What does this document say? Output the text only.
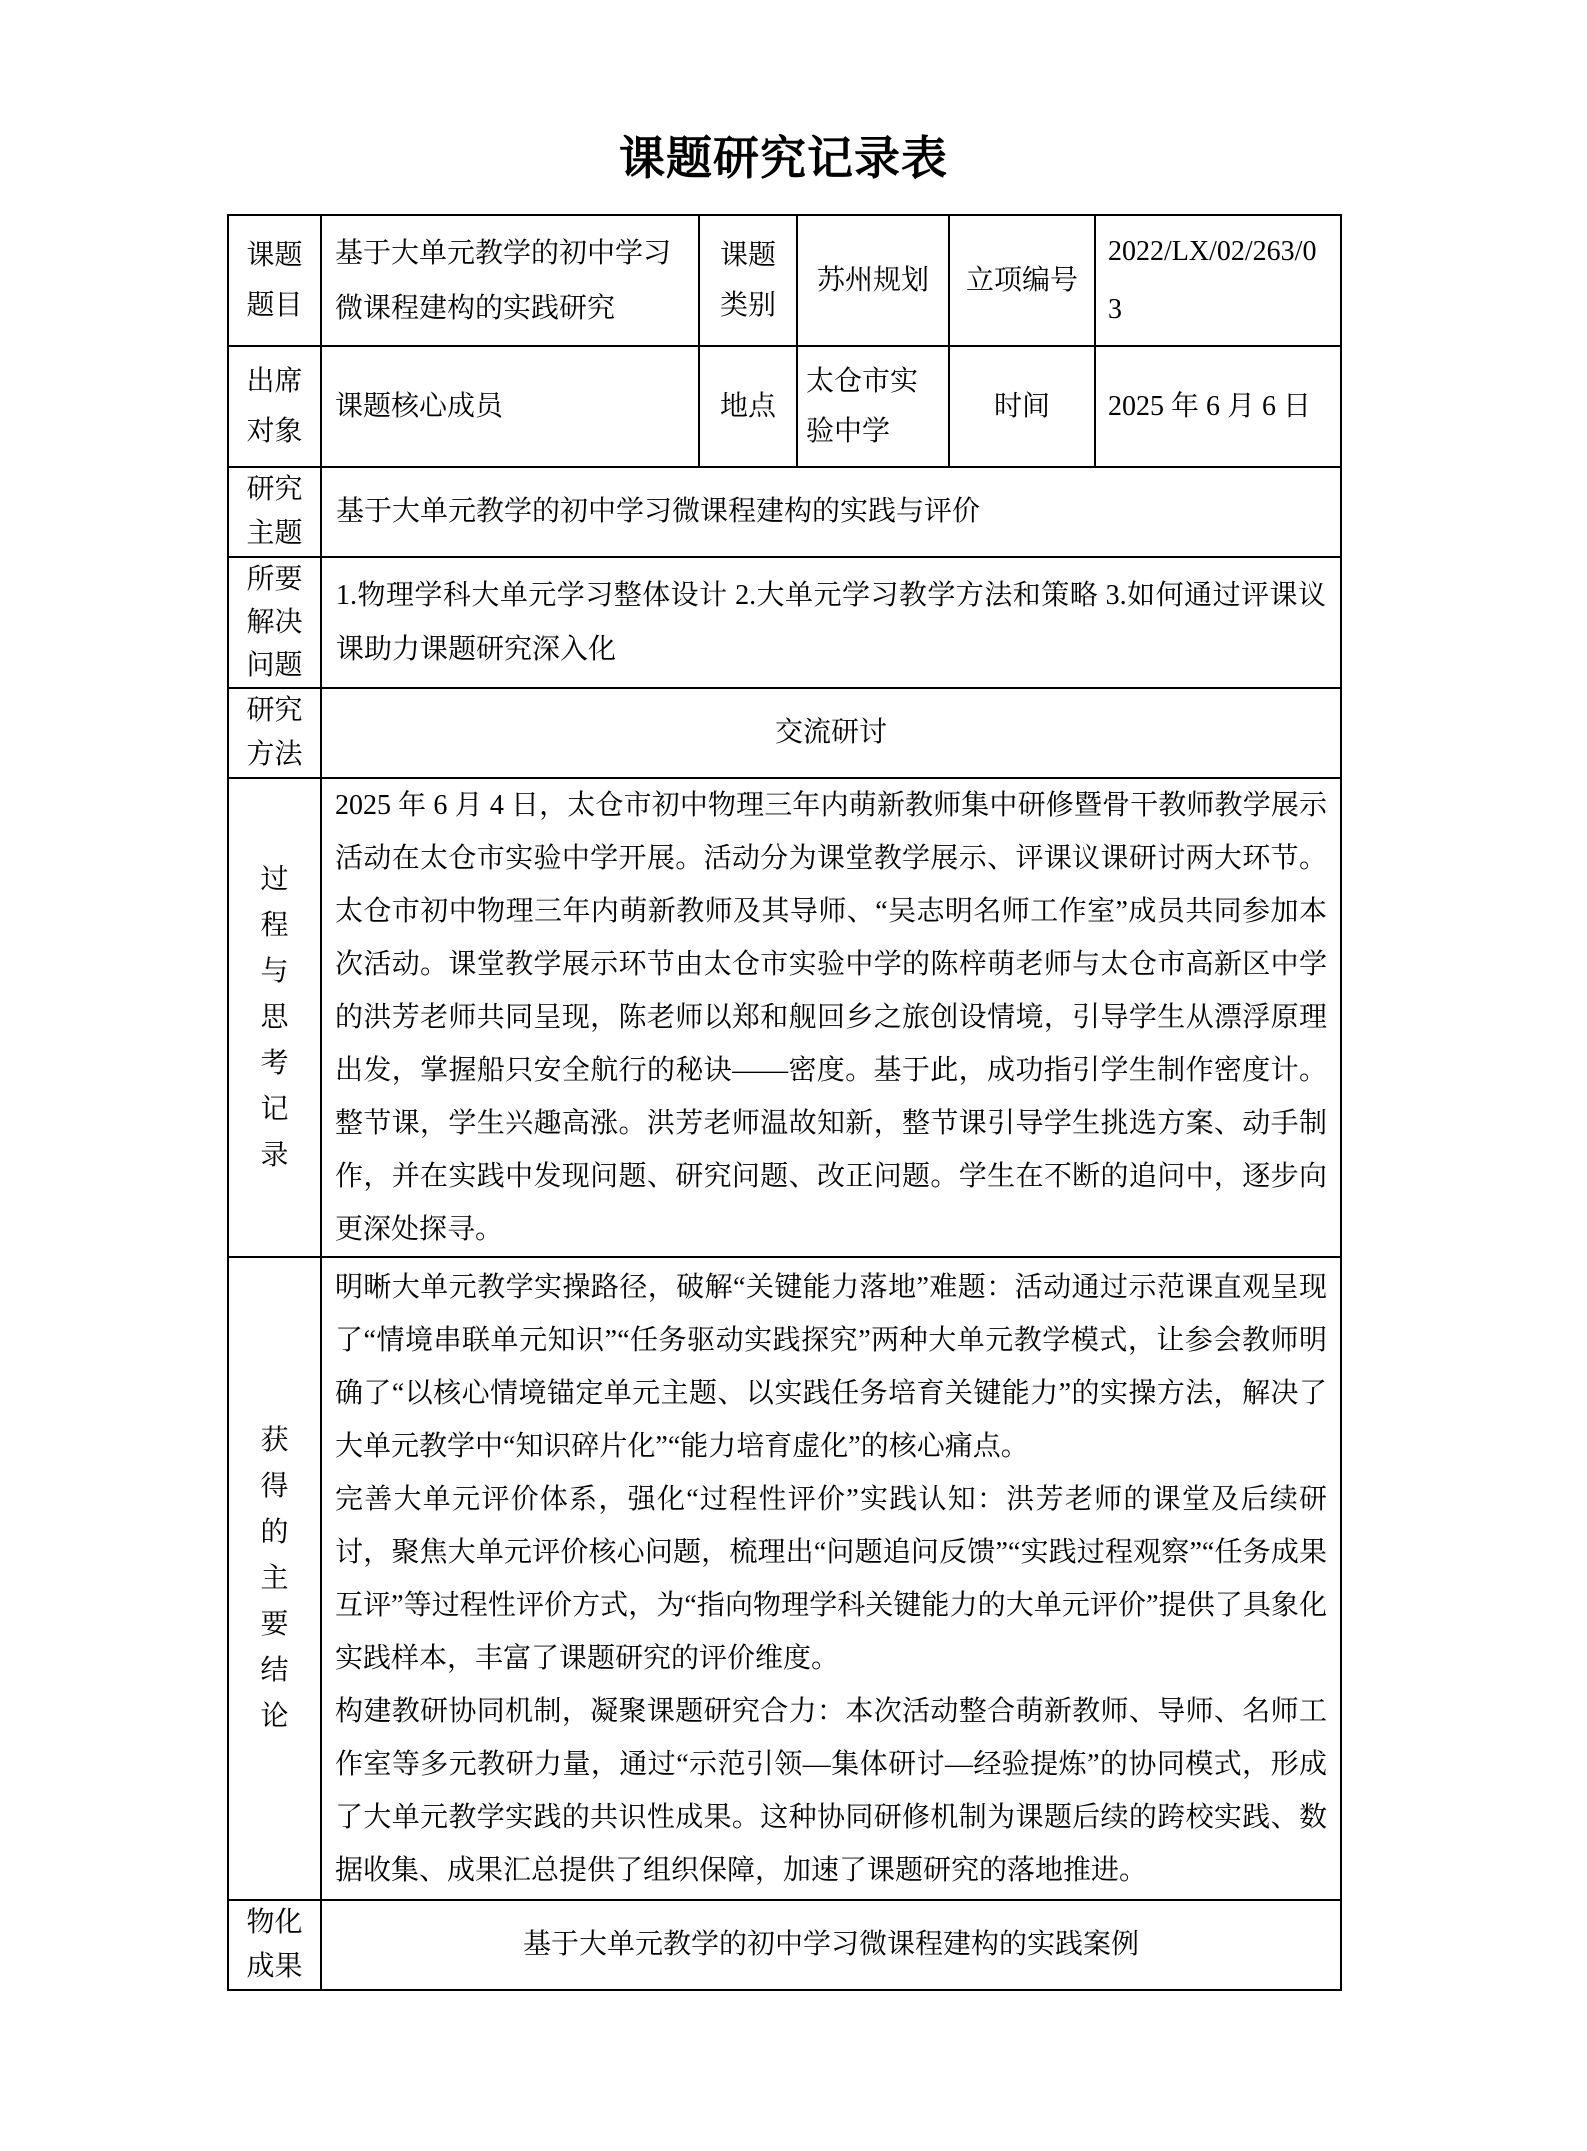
课题研究记录表
课题题目	基于大单元教学的初中学习微课程建构的实践研究	课题类别	苏州规划	立项编号	2022/LX/02/263/03

出席对象	课题核心成员	地点	太仓市实验中学	时间	2025 年 6 月 6 日

研究主题	基于大单元教学的初中学习微课程建构的实践与评价				

所要解决问题	1.物理学科大单元学习整体设计 2.大单元学习教学方法和策略 3.如何通过评课议课助力课题研究深入化				

研究方法	交流研讨				

过程与思考记录	2025 年 6 月 4 日，太仓市初中物理三年内萌新教师集中研修暨骨干教师教学展示活动在太仓市实验中学开展。活动分为课堂教学展示、评课议课研讨两大环节。太仓市初中物理三年内萌新教师及其导师、“吴志明名师工作室”成员共同参加本次活动。课堂教学展示环节由太仓市实验中学的陈梓萌老师与太仓市高新区中学的洪芳老师共同呈现，陈老师以郑和舰回乡之旅创设情境，引导学生从漂浮原理出发，掌握船只安全航行的秘诀——密度。基于此，成功指引学生制作密度计。整节课，学生兴趣高涨。洪芳老师温故知新，整节课引导学生挑选方案、动手制作，并在实践中发现问题、研究问题、改正问题。学生在不断的追问中，逐步向更深处探寻。				

获得的主要结论	明晰大单元教学实操路径，破解“关键能力落地”难题：活动通过示范课直观呈现了“情境串联单元知识”“任务驱动实践探究”两种大单元教学模式，让参会教师明确了“以核心情境锚定单元主题、以实践任务培育关键能力”的实操方法，解决了大单元教学中“知识碎片化”“能力培育虚化”的核心痛点。

完善大单元评价体系，强化“过程性评价”实践认知：洪芳老师的课堂及后续研讨，聚焦大单元评价核心问题，梳理出“问题追问反馈”“实践过程观察”“任务成果互评”等过程性评价方式，为“指向物理学科关键能力的大单元评价”提供了具象化实践样本，丰富了课题研究的评价维度。

构建教研协同机制，凝聚课题研究合力：本次活动整合萌新教师、导师、名师工作室等多元教研力量，通过“示范引领—集体研讨—经验提炼”的协同模式，形成了大单元教学实践的共识性成果。这种协同研修机制为课题后续的跨校实践、数据收集、成果汇总提供了组织保障，加速了课题研究的落地推进。				

物化成果	基于大单元教学的初中学习微课程建构的实践案例				
